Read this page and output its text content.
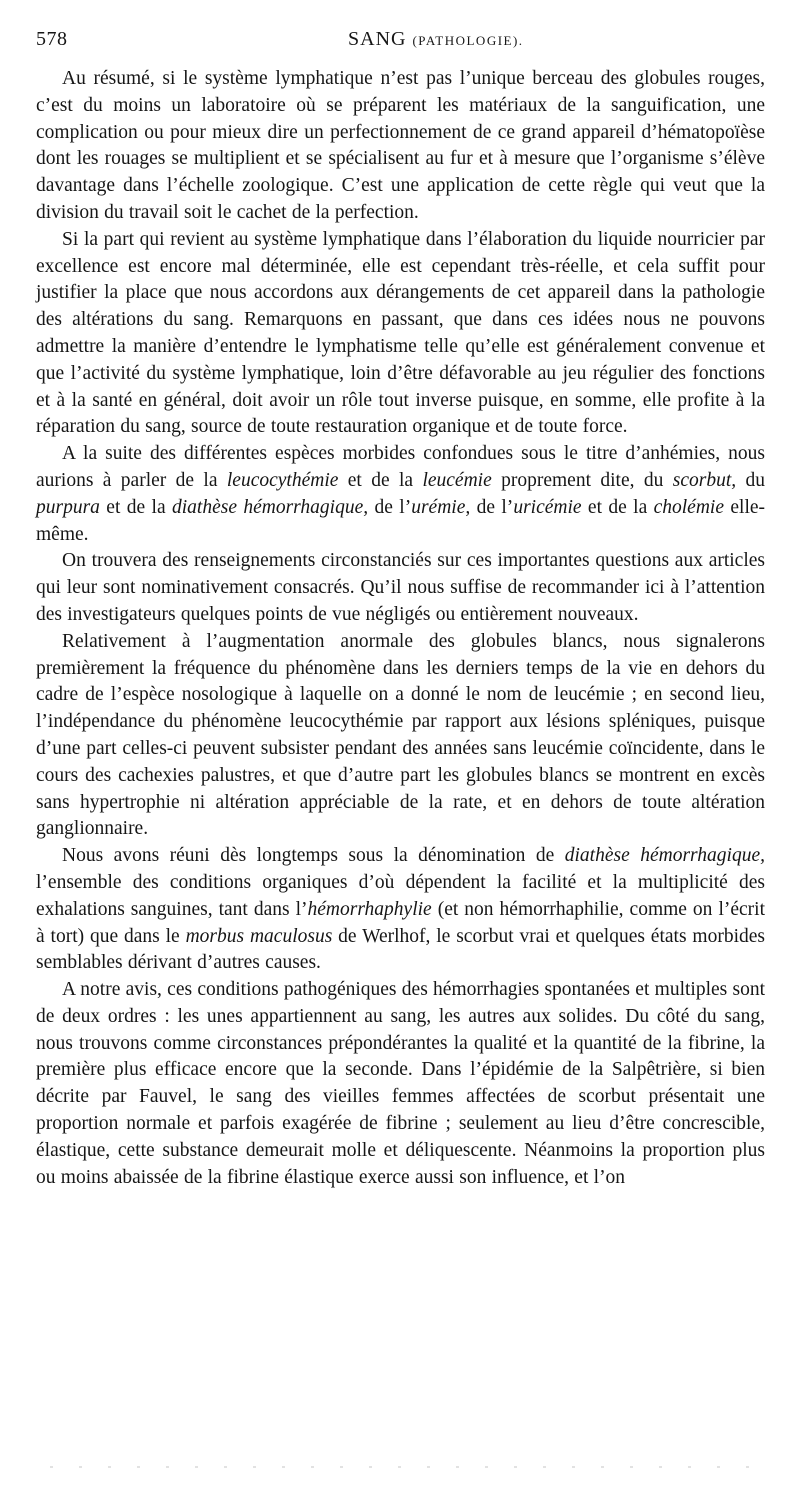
578	SANG (PATHOLOGIE).

Au résumé, si le système lymphatique n’est pas l’unique berceau des globules rouges, c’est du moins un laboratoire où se préparent les matériaux de la sanguification, une complication ou pour mieux dire un perfectionnement de ce grand appareil d’hématopoïèse dont les rouages se multiplient et se spécialisent au fur et à mesure que l’organisme s’élève davantage dans l’échelle zoologique. C’est une application de cette règle qui veut que la division du travail soit le cachet de la perfection.

Si la part qui revient au système lymphatique dans l’élaboration du liquide nourricier par excellence est encore mal déterminée, elle est cependant très-réelle, et cela suffit pour justifier la place que nous accordons aux dérangements de cet appareil dans la pathologie des altérations du sang. Remarquons en passant, que dans ces idées nous ne pouvons admettre la manière d’entendre le lymphatisme telle qu’elle est généralement convenue et que l’activité du système lymphatique, loin d’être défavorable au jeu régulier des fonctions et à la santé en général, doit avoir un rôle tout inverse puisque, en somme, elle profite à la réparation du sang, source de toute restauration organique et de toute force.

A la suite des différentes espèces morbides confondues sous le titre d’anhémies, nous aurions à parler de la leucocythémie et de la leucémie proprement dite, du scorbut, du purpura et de la diathèse hémorrhagique, de l’urémie, de l’uricémie et de la cholémie elle-même.

On trouvera des renseignements circonstanciés sur ces importantes questions aux articles qui leur sont nominativement consacrés. Qu’il nous suffise de recommander ici à l’attention des investigateurs quelques points de vue négligés ou entièrement nouveaux.

Relativement à l’augmentation anormale des globules blancs, nous signalerons premièrement la fréquence du phénomène dans les derniers temps de la vie en dehors du cadre de l’espèce nosologique à laquelle on a donné le nom de leucémie ; en second lieu, l’indépendance du phénomène leucocythémie par rapport aux lésions spléniques, puisque d’une part celles-ci peuvent subsister pendant des années sans leucémie coïncidente, dans le cours des cachexies palustres, et que d’autre part les globules blancs se montrent en excès sans hypertrophie ni altération appréciable de la rate, et en dehors de toute altération ganglionnaire.

Nous avons réuni dès longtemps sous la dénomination de diathèse hémorrhagique, l’ensemble des conditions organiques d’où dépendent la facilité et la multiplicité des exhalations sanguines, tant dans l’hémorrhaphylie (et non hémorrhaphilie, comme on l’écrit à tort) que dans le morbus maculosus de Werlhof, le scorbut vrai et quelques états morbides semblables dérivant d’autres causes.

A notre avis, ces conditions pathogéniques des hémorrhagies spontanées et multiples sont de deux ordres : les unes appartiennent au sang, les autres aux solides. Du côté du sang, nous trouvons comme circonstances prépondérantes la qualité et la quantité de la fibrine, la première plus efficace encore que la seconde. Dans l’épidémie de la Salpêtrière, si bien décrite par Fauvel, le sang des vieilles femmes affectées de scorbut présentait une proportion normale et parfois exagérée de fibrine ; seulement au lieu d’être concrescible, élastique, cette substance demeurait molle et déliquescente. Néanmoins la proportion plus ou moins abaissée de la fibrine élastique exerce aussi son influence, et l’on
